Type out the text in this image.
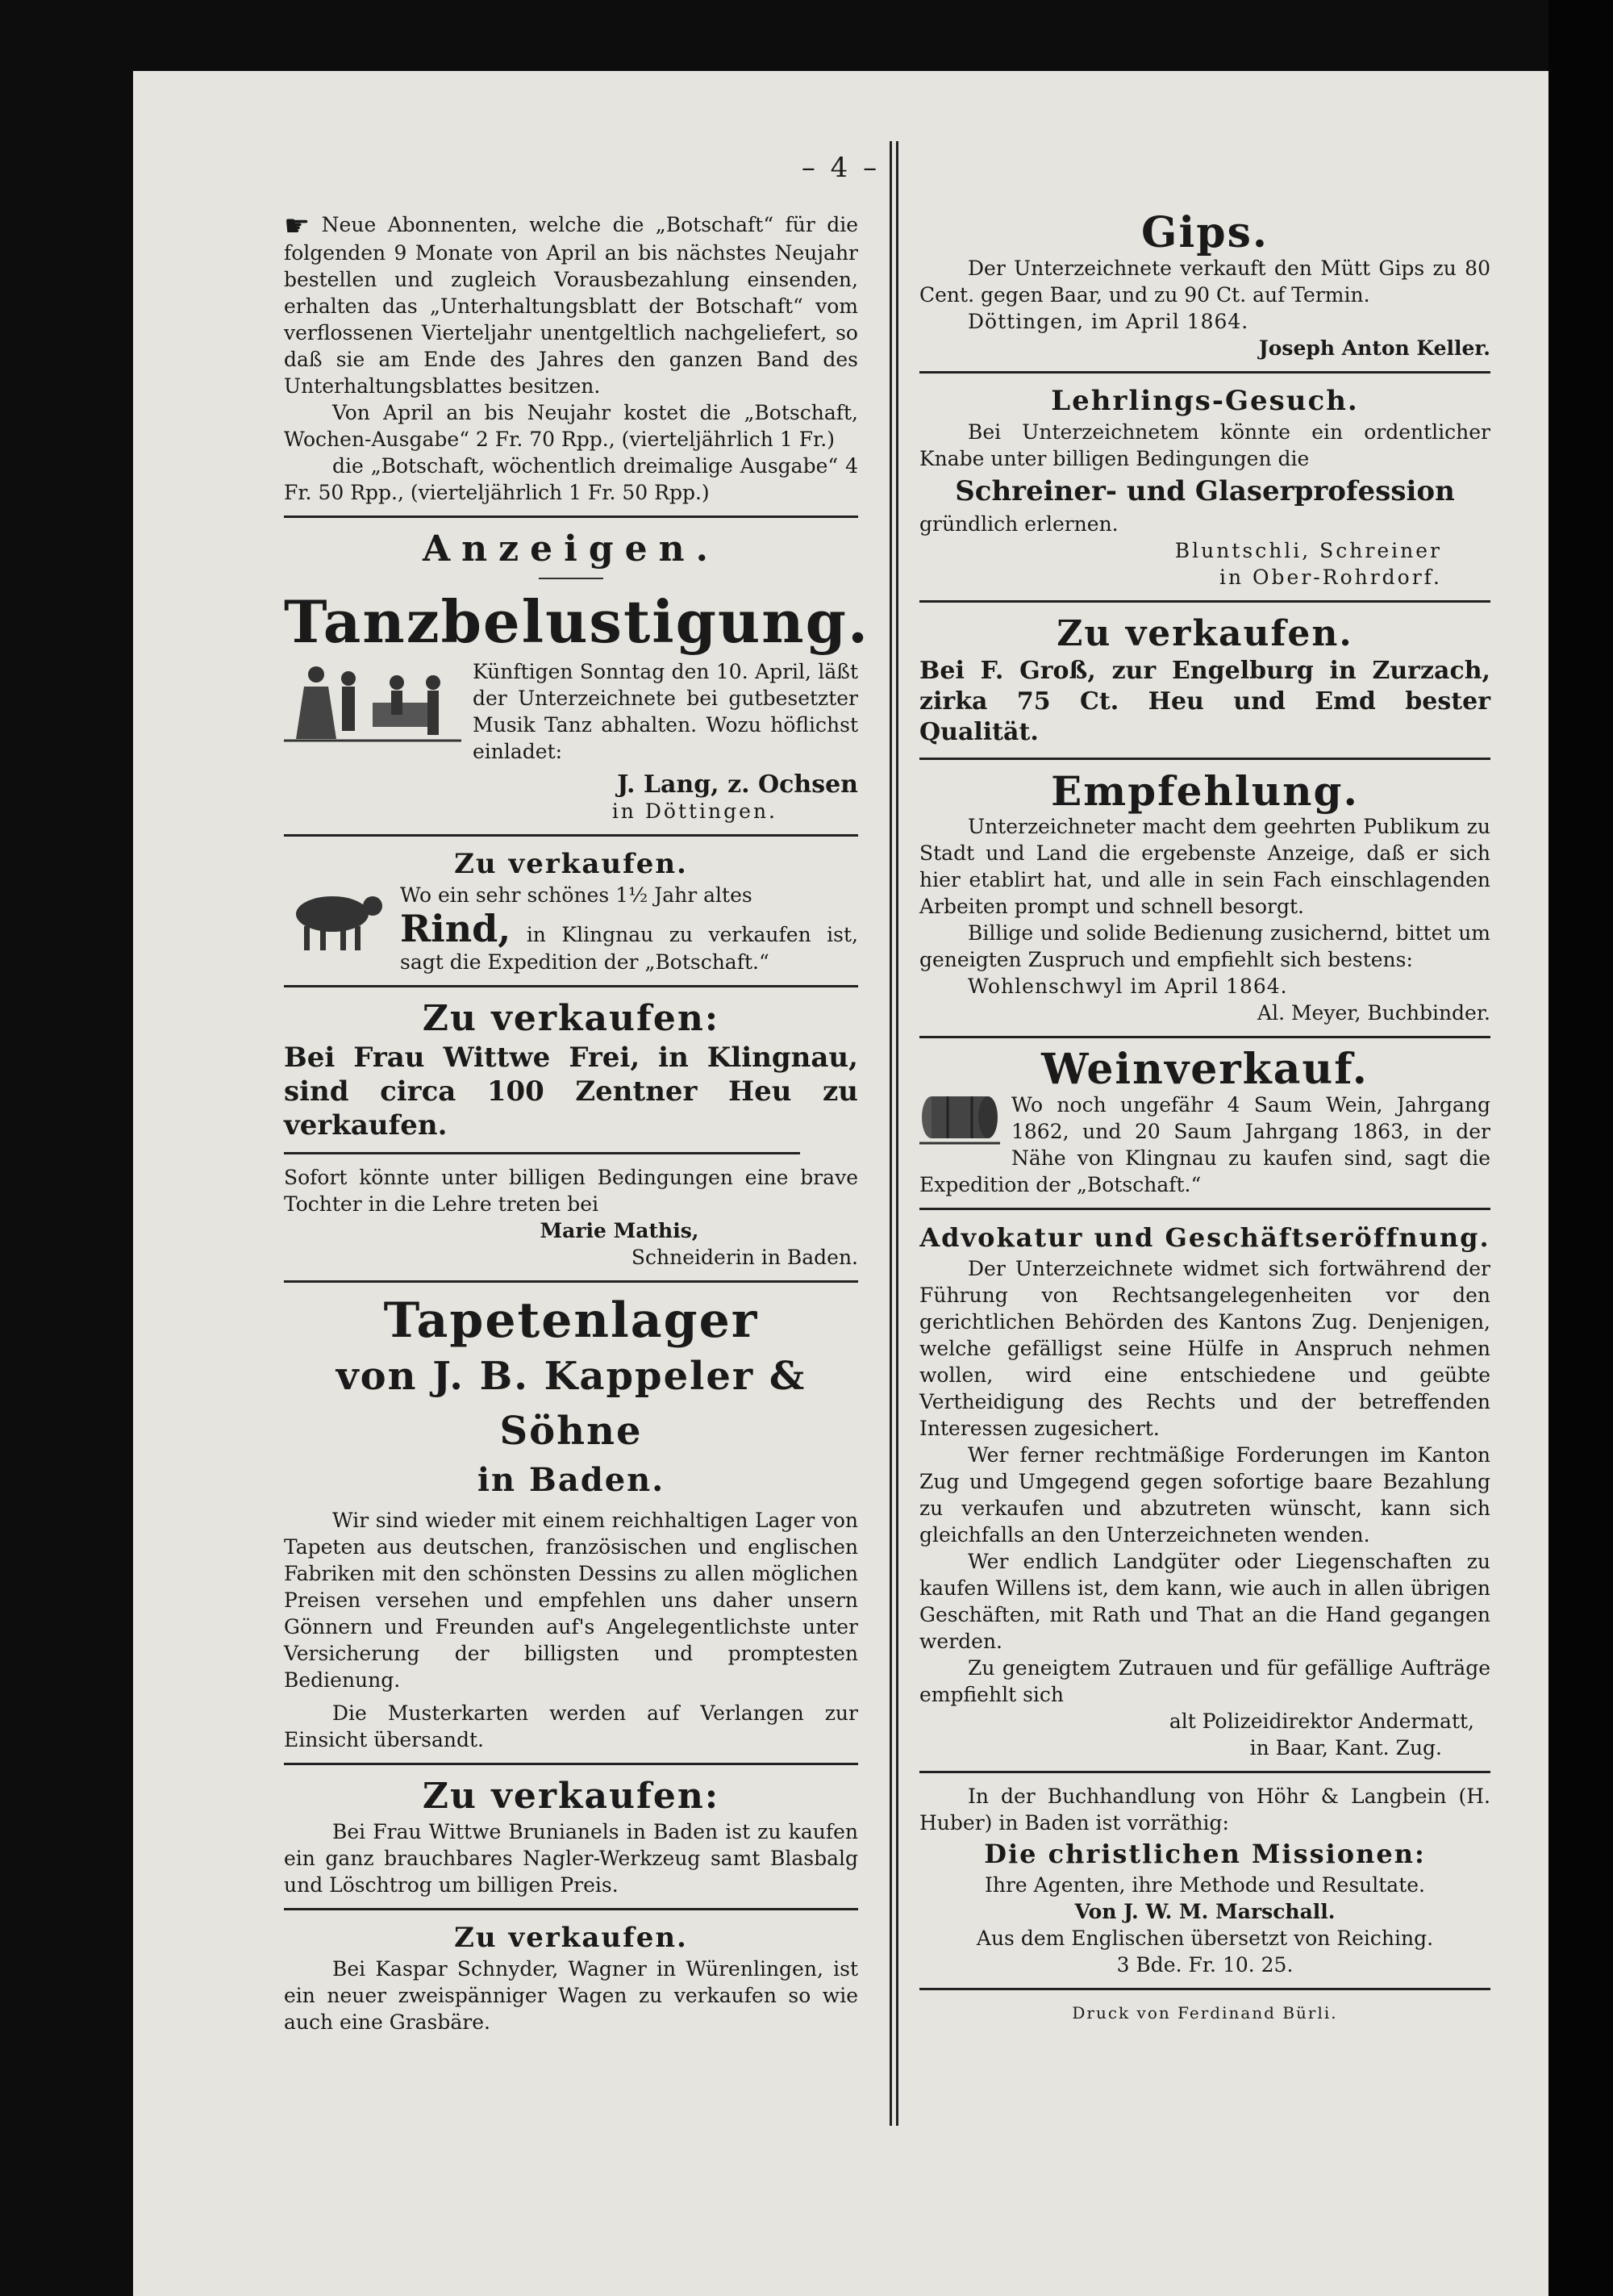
– 4 –

☛ Neue Abonnenten, welche die „Botschaft“ für die folgenden 9 Monate von April an bis nächstes Neujahr bestellen und zugleich Vorausbezahlung einsenden, erhalten das „Unterhaltungsblatt der Botschaft“ vom verflossenen Vierteljahr unentgeltlich nachgeliefert, so daß sie am Ende des Jahres den ganzen Band des Unterhaltungsblattes besitzen.

Von April an bis Neujahr kostet die „Botschaft, Wochen-Ausgabe“ 2 Fr. 70 Rpp., (vierteljährlich 1 Fr.)

die „Botschaft, wöchentlich dreimalige Ausgabe“ 4 Fr. 50 Rpp., (vierteljährlich 1 Fr. 50 Rpp.)

Anzeigen.
Tanzbelustigung.

Künftigen Sonntag den 10. April, läßt der Unterzeichnete bei gutbesetzter Musik Tanz abhalten. Wozu höflichst einladet:

J. Lang, z. Ochsen

in Döttingen.

Zu verkaufen.

Wo ein sehr schönes 1½ Jahr altes

Rind, in Klingnau zu verkaufen ist, sagt die Expedition der „Botschaft.“

Zu verkaufen:

Bei Frau Wittwe Frei, in Klingnau, sind circa 100 Zentner Heu zu verkaufen.

Sofort könnte unter billigen Bedingungen eine brave Tochter in die Lehre treten bei

Marie Mathis,

Schneiderin in Baden.

Tapetenlager
von J. B. Kappeler & Söhne
in Baden.

Wir sind wieder mit einem reichhaltigen Lager von Tapeten aus deutschen, französischen und englischen Fabriken mit den schönsten Dessins zu allen möglichen Preisen versehen und empfehlen uns daher unsern Gönnern und Freunden auf's Angelegentlichste unter Versicherung der billigsten und promptesten Bedienung.

Die Musterkarten werden auf Verlangen zur Einsicht übersandt.

Zu verkaufen:

Bei Frau Wittwe Brunianels in Baden ist zu kaufen ein ganz brauchbares Nagler-Werkzeug samt Blasbalg und Löschtrog um billigen Preis.

Zu verkaufen.

Bei Kaspar Schnyder, Wagner in Würenlingen, ist ein neuer zweispänniger Wagen zu verkaufen so wie auch eine Grasbäre.

Gips.

Der Unterzeichnete verkauft den Mütt Gips zu 80 Cent. gegen Baar, und zu 90 Ct. auf Termin.

Döttingen, im April 1864.

Joseph Anton Keller.

Lehrlings-Gesuch.

Bei Unterzeichnetem könnte ein ordentlicher Knabe unter billigen Bedingungen die

Schreiner- und Glaserprofession

gründlich erlernen.

Bluntschli, Schreiner

in Ober-Rohrdorf.

Zu verkaufen.

Bei F. Groß, zur Engelburg in Zurzach, zirka 75 Ct. Heu und Emd bester Qualität.

Empfehlung.

Unterzeichneter macht dem geehrten Publikum zu Stadt und Land die ergebenste Anzeige, daß er sich hier etablirt hat, und alle in sein Fach einschlagenden Arbeiten prompt und schnell besorgt.

Billige und solide Bedienung zusichernd, bittet um geneigten Zuspruch und empfiehlt sich bestens:

Wohlenschwyl im April 1864.

Al. Meyer, Buchbinder.

Weinverkauf.

Wo noch ungefähr 4 Saum Wein, Jahrgang 1862, und 20 Saum Jahrgang 1863, in der Nähe von Klingnau zu kaufen sind, sagt die Expedition der „Botschaft.“

Advokatur und Geschäftseröffnung.

Der Unterzeichnete widmet sich fortwährend der Führung von Rechtsangelegenheiten vor den gerichtlichen Behörden des Kantons Zug. Denjenigen, welche gefälligst seine Hülfe in Anspruch nehmen wollen, wird eine entschiedene und geübte Vertheidigung des Rechts und der betreffenden Interessen zugesichert.

Wer ferner rechtmäßige Forderungen im Kanton Zug und Umgegend gegen sofortige baare Bezahlung zu verkaufen und abzutreten wünscht, kann sich gleichfalls an den Unterzeichneten wenden.

Wer endlich Landgüter oder Liegenschaften zu kaufen Willens ist, dem kann, wie auch in allen übrigen Geschäften, mit Rath und That an die Hand gegangen werden.

Zu geneigtem Zutrauen und für gefällige Aufträge empfiehlt sich

alt Polizeidirektor Andermatt,

in Baar, Kant. Zug.

In der Buchhandlung von Höhr & Langbein (H. Huber) in Baden ist vorräthig:

Die christlichen Missionen:

Ihre Agenten, ihre Methode und Resultate.

Von J. W. M. Marschall.

Aus dem Englischen übersetzt von Reiching.

3 Bde. Fr. 10. 25.

Druck von Ferdinand Bürli.
